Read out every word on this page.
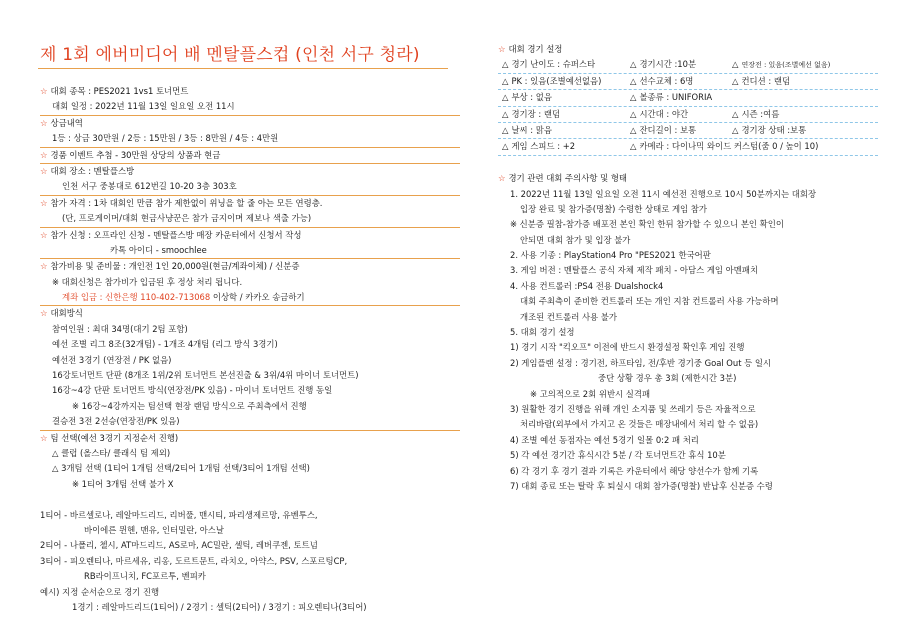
제 1회 에버미디어 배 멘탈플스컵 (인천 서구 청라)
☆ 대회 종목 : PES2021 1vs1 토너먼트
대회 일정 : 2022년 11월 13일 일요일 오전 11시
☆ 상금내역
1등 : 상금 30만원 / 2등 : 15만원 / 3등 : 8만원 / 4등 : 4만원
☆ 경품 이벤트 추첨 - 30만원 상당의 상품과 현금
☆ 대회 장소 : 멘탈플스방
인천 서구 중봉대로 612번길 10-20 3층 303호
☆ 참가 자격 : 1차 대회인 만큼 참가 제한없이 위닝을 할 줄 아는 모든 연령층.
(단, 프로게이머/대회 현금사냥꾼은 참가 금지이며 제보나 색출 가능)
☆ 참가 신청 : 오프라인 신청 - 멘탈플스방 매장 카운터에서 신청서 작성
카톡 아이디 - smoochlee
☆ 참가비용 및 준비물 : 개인전 1인 20,000원(현금/계좌이체) / 신분증
※ 대회신청은 참가비가 입금된 후 정상 처리 됩니다.
계좌 입금 : 신한은행 110-402-713068 이상학 / 카카오 송금하기
☆ 대회방식
참여인원 : 최대 34명(대기 2팀 포함)
예선 조별 리그 8조(32개팀) - 1개조 4개팀 (리그 방식 3경기)
예선전 3경기 (연장전 / PK 없음)
16강토너먼트 단판 (8개조 1위/2위 토너먼트 본선진출 & 3위/4위 마이너 토너먼트)
16강~4강 단판 토너먼트 방식(연장전/PK 있음) - 마이너 토너먼트 진행 동일
※ 16강~4강까지는 팀선택 현장 랜덤 방식으로 주최측에서 진행
결승전 3전 2선승(연장전/PK 있음)
☆ 팀 선택(예선 3경기 지정순서 진행)
△ 클럽 (올스타/ 클래식 팀 제외)
△ 3개팀 선택 (1티어 1개팀 선택/2티어 1개팀 선택/3티어 1개팀 선택)
※ 1티어 3개팀 선택 불가 X
1티어 - 바르셀로나, 레알마드리드, 리버풀, 맨시티, 파리생제르망, 유벤투스,
바이에른 뮌헨, 맨유, 인터밀란, 아스날
2티어 - 나폴리, 첼시, AT마드리드, AS로마, AC밀란, 셀틱, 레버쿠젠, 토트넘
3티어 - 피오렌티나, 마르세유, 리옹, 도르트문트, 라치오, 아약스, PSV, 스포르팅CP,
RB라이프니치, FC포르투, 벤피카
예시) 지정 순서순으로 경기 진행
1경기 : 레알마드리드(1티어) / 2경기 : 셀틱(2티어) / 3경기 : 피오렌티나(3티어)
☆ 대회 경기 설정
△ 경기 난이도 : 슈퍼스타	△ 경기시간 :10분	△ 연장전 : 있음(조별예선 없음)
△ PK : 있음(조별예선없음)	△ 선수교체 : 6명	△ 컨디션 : 랜덤
△ 부상 : 없음	△ 볼종류 : UNIFORIA
△ 경기장 : 랜덤	△ 시간대 : 야간	△ 시즌 :여름
△ 날씨 : 맑음	△ 잔디길이 : 보통	△ 경기장 상태 :보통
△ 게임 스피드 : +2	△ 카메라 : 다이나믹 와이드 커스텀(줌 0 / 높이 10)
☆ 경기 관련 대회 주의사항 및 형태
1. 2022년 11월 13일 일요일 오전 11시 예선전 진행으로 10시 50분까지는 대회장
입장 완료 및 참가증(명찰) 수령한 상태로 게임 참가
※ 신분증 필참-참가증 배포전 본인 확인 한뒤 참가할 수 있으니 본인 확인이
안되면 대회 참가 및 입장 불가
2. 사용 기종 : PlayStation4 Pro "PES2021 한국어판
3. 게임 버전 : 멘탈플스 공식 자체 제작 패치 - 아담스 게임 아멘패치
4. 사용 컨트롤러 :PS4 전용 Dualshock4
대회 주최측이 준비한 컨트롤러 또는 개인 지참 컨트롤러 사용 가능하며
개조된 컨트롤러 사용 불가
5. 대회 경기 설정
1) 경기 시작 "킥오프" 이전에 반드시 환경설정 확인후 게임 진행
2) 게임플랜 설정 : 경기전, 하프타임, 전/후반 경기중 Goal Out 등 일시
중단 상황 경우 총 3회 (제한시간 3분)
※ 고의적으로 2회 위반시 실격패
3) 원활한 경기 진행을 위해 개인 소지품 및 쓰레기 등은 자율적으로
처리바람(외부에서 가지고 온 것들은 매장내에서 처리 할 수 없음)
4) 조별 예선 동점자는 예선 5경기 일몰 0:2 패 처리
5) 각 예선 경기간 휴식시간 5분 / 각 토너먼트간 휴식 10분
6) 각 경기 후 경기 결과 기록은 카운터에서 해당 양선수가 함께 기록
7) 대회 종료 또는 탈락 후 퇴실시 대회 참가증(명찰) 반납후 신분증 수령
